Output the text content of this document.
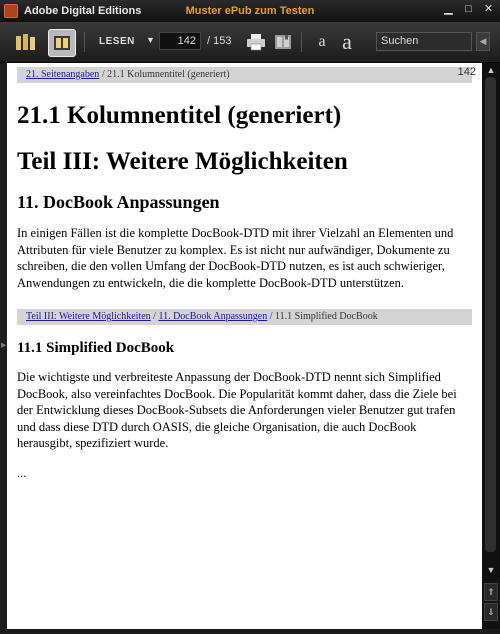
Adobe Digital Editions	Muster ePub zum Testen	▁ □ ✕
LESEN ▼	142	/ 153	a a	Suchen	◀
▶
142
21. Seitenangaben / 21.1 Kolumnentitel (generiert)
21.1 Kolumnentitel (generiert)
Teil III: Weitere Möglichkeiten
11. DocBook Anpassungen
In einigen Fällen ist die komplette DocBook-DTD mit ihrer Vielzahl an Elementen und Attributen für viele Benutzer zu komplex. Es ist nicht nur aufwändiger, Dokumente zu schreiben, die den vollen Umfang der DocBook-DTD nutzen, es ist auch schwieriger, Anwendungen zu entwickeln, die die komplette DocBook-DTD unterstützen.
Teil III: Weitere Möglichkeiten / 11. DocBook Anpassungen / 11.1 Simplified DocBook
11.1 Simplified DocBook
Die wichtigste und verbreiteste Anpassung der DocBook-DTD nennt sich Simplified DocBook, also vereinfachtes DocBook. Die Popularität kommt daher, dass die Ziele bei der Entwicklung dieses DocBook-Subsets die Anforderungen vieler Benutzer gut trafen und dass diese DTD durch OASIS, die gleiche Organisation, die auch DocBook herausgibt, spezifiziert wurde.
...
▲
▼
⇑
⇓
